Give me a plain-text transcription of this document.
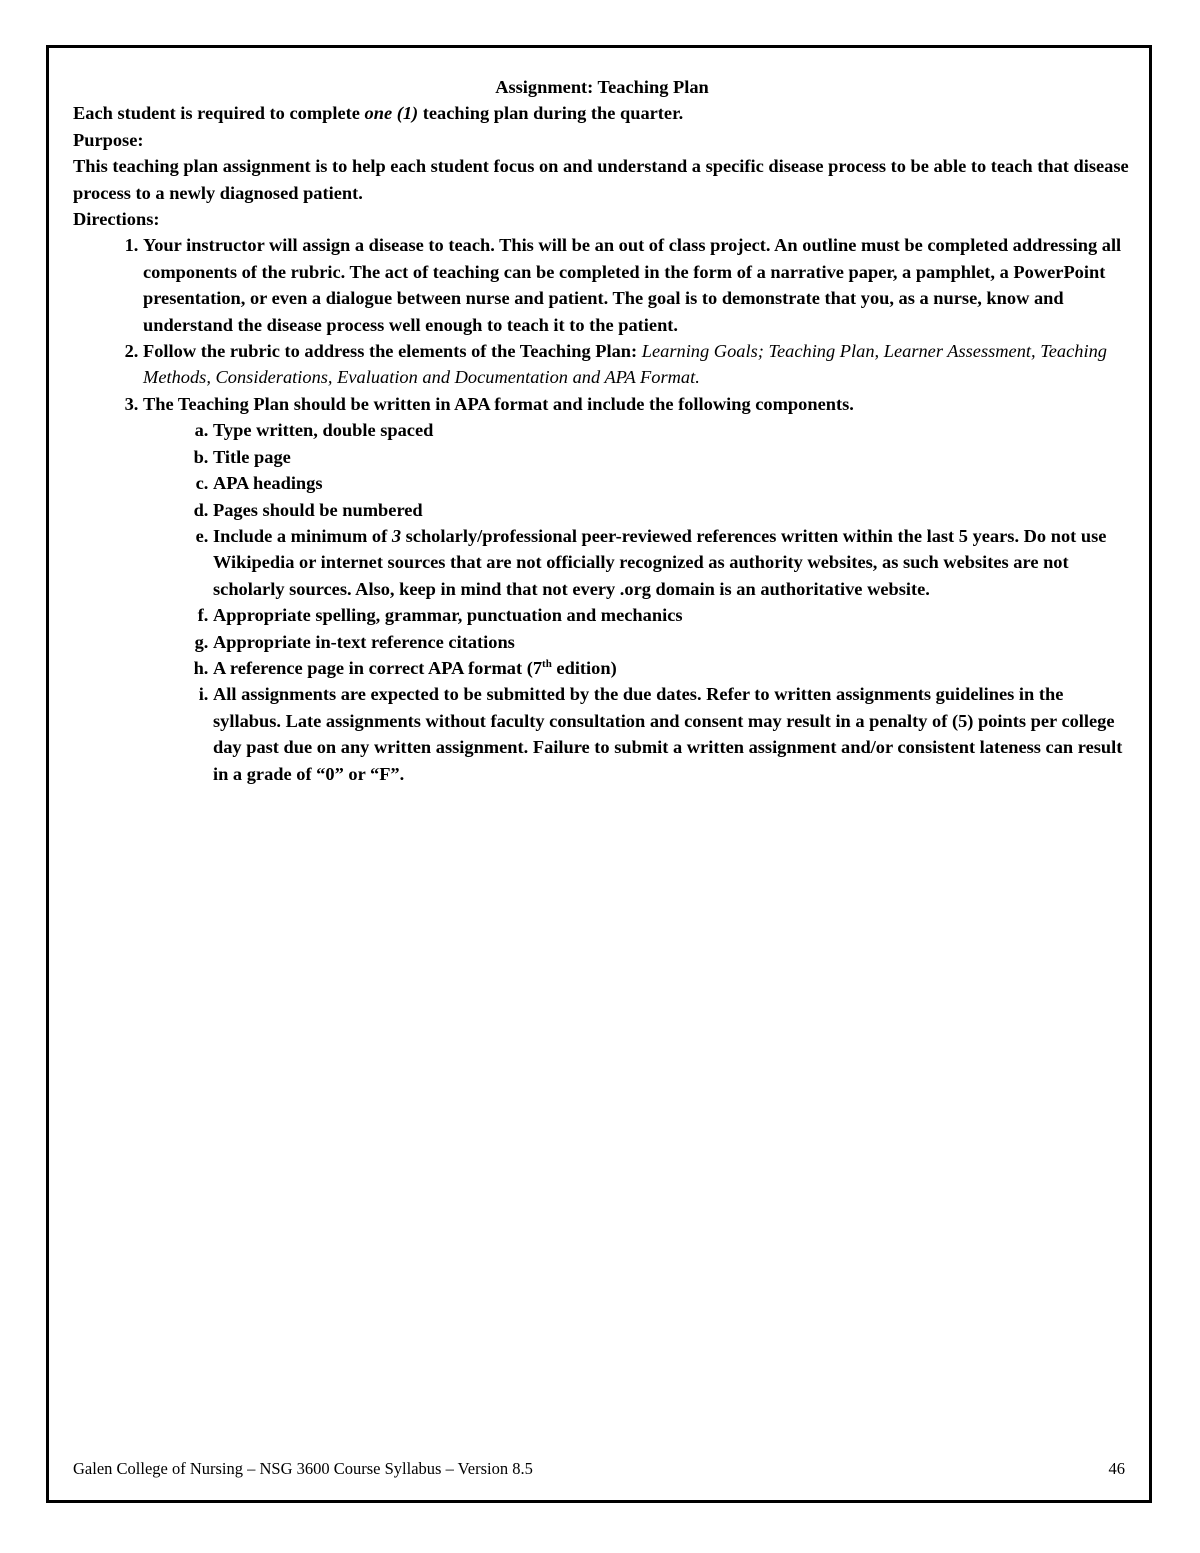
Assignment: Teaching Plan

Each student is required to complete one (1) teaching plan during the quarter.

Purpose:

This teaching plan assignment is to help each student focus on and understand a specific disease process to be able to teach that disease process to a newly diagnosed patient.

Directions:

1. Your instructor will assign a disease to teach. This will be an out of class project. An outline must be completed addressing all components of the rubric. The act of teaching can be completed in the form of a narrative paper, a pamphlet, a PowerPoint presentation, or even a dialogue between nurse and patient. The goal is to demonstrate that you, as a nurse, know and understand the disease process well enough to teach it to the patient.
2. Follow the rubric to address the elements of the Teaching Plan: Learning Goals; Teaching Plan, Learner Assessment, Teaching Methods, Considerations, Evaluation and Documentation and APA Format.
3. The Teaching Plan should be written in APA format and include the following components.
a. Type written, double spaced
b. Title page
c. APA headings
d. Pages should be numbered
e. Include a minimum of 3 scholarly/professional peer-reviewed references written within the last 5 years. Do not use Wikipedia or internet sources that are not officially recognized as authority websites, as such websites are not scholarly sources. Also, keep in mind that not every .org domain is an authoritative website.
f. Appropriate spelling, grammar, punctuation and mechanics
g. Appropriate in-text reference citations
h. A reference page in correct APA format (7th edition)
i. All assignments are expected to be submitted by the due dates. Refer to written assignments guidelines in the syllabus. Late assignments without faculty consultation and consent may result in a penalty of (5) points per college day past due on any written assignment. Failure to submit a written assignment and/or consistent lateness can result in a grade of “0” or “F”.
Galen College of Nursing – NSG 3600 Course Syllabus – Version 8.5	46
